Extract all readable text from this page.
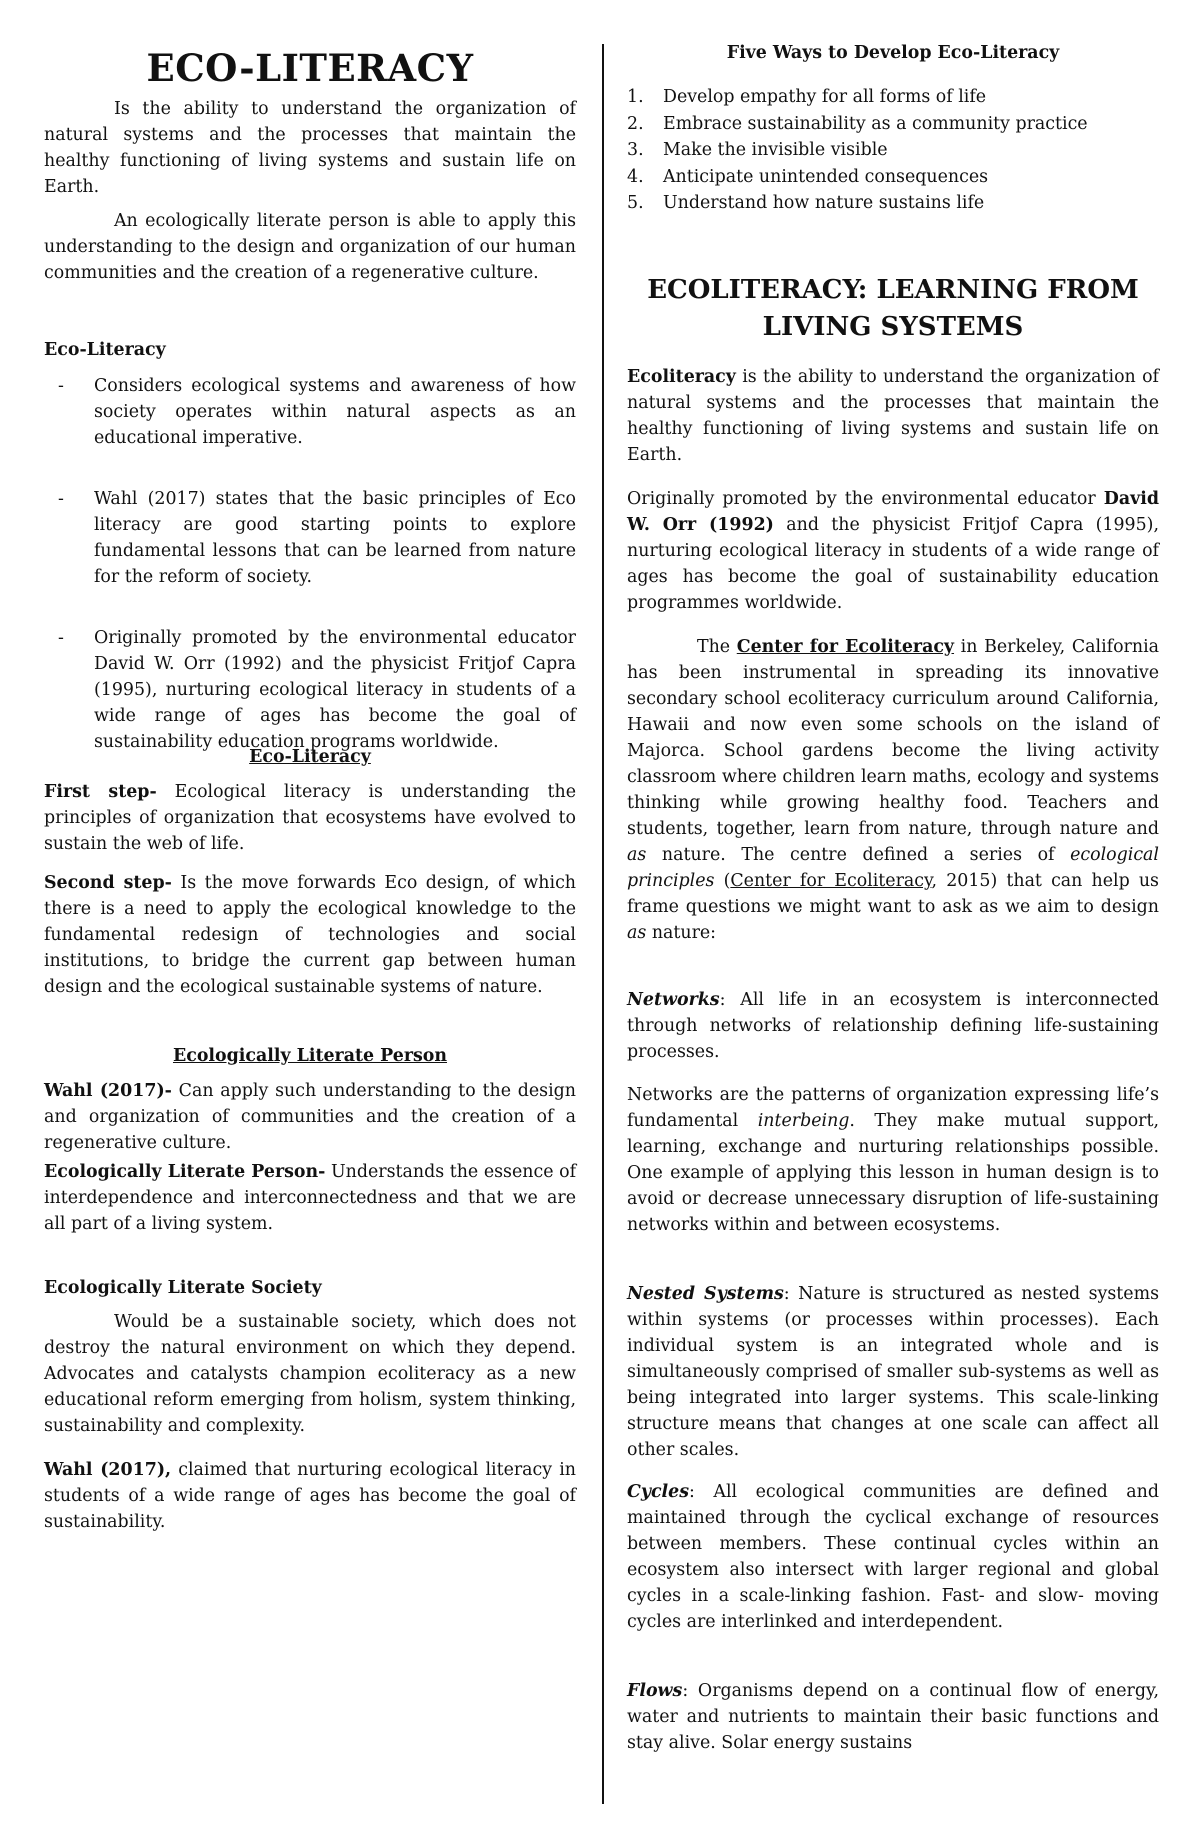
ECO-LITERACY

Is the ability to understand the organization of natural systems and the processes that maintain the healthy functioning of living systems and sustain life on Earth.

An ecologically literate person is able to apply this understanding to the design and organization of our human communities and the creation of a regenerative culture.

Eco-Literacy
- Considers ecological systems and awareness of how society operates within natural aspects as an educational imperative.

- Wahl (2017) states that the basic principles of Eco literacy are good starting points to explore fundamental lessons that can be learned from nature for the reform of society.

- Originally promoted by the environmental educator David W. Orr (1992) and the physicist Fritjof Capra (1995), nurturing ecological literacy in students of a wide range of ages has become the goal of sustainability education programs worldwide.

Eco-Literacy

First step- Ecological literacy is understanding the principles of organization that ecosystems have evolved to sustain the web of life.

Second step- Is the move forwards Eco design, of which there is a need to apply the ecological knowledge to the fundamental redesign of technologies and social institutions, to bridge the current gap between human design and the ecological sustainable systems of nature.

Ecologically Literate Person

Wahl (2017)- Can apply such understanding to the design and organization of communities and the creation of a regenerative culture.

Ecologically Literate Person- Understands the essence of interdependence and interconnectedness and that we are all part of a living system.

Ecologically Literate Society

Would be a sustainable society, which does not destroy the natural environment on which they depend. Advocates and catalysts champion ecoliteracy as a new educational reform emerging from holism, system thinking, sustainability and complexity.

Wahl (2017), claimed that nurturing ecological literacy in students of a wide range of ages has become the goal of sustainability.

Five Ways to Develop Eco-Literacy
1. Develop empathy for all forms of life
2. Embrace sustainability as a community practice
3. Make the invisible visible
4. Anticipate unintended consequences
5. Understand how nature sustains life
ECOLITERACY: LEARNING FROM
LIVING SYSTEMS

Ecoliteracy is the ability to understand the organization of natural systems and the processes that maintain the healthy functioning of living systems and sustain life on Earth.

Originally promoted by the environmental educator David W. Orr (1992) and the physicist Fritjof Capra (1995), nurturing ecological literacy in students of a wide range of ages has become the goal of sustainability education programmes worldwide.

The Center for Ecoliteracy in Berkeley, California has been instrumental in spreading its innovative secondary school ecoliteracy curriculum around California, Hawaii and now even some schools on the island of Majorca. School gardens become the living activity classroom where children learn maths, ecology and systems thinking while growing healthy food. Teachers and students, together, learn from nature, through nature and as nature. The centre defined a series of ecological principles (Center for Ecoliteracy, 2015) that can help us frame questions we might want to ask as we aim to design as nature:

Networks: All life in an ecosystem is interconnected through networks of relationship defining life-sustaining processes.

Networks are the patterns of organization expressing life’s fundamental interbeing. They make mutual support, learning, exchange and nurturing relationships possible. One example of applying this lesson in human design is to avoid or decrease unnecessary disruption of life-sustaining networks within and between ecosystems.

Nested Systems: Nature is structured as nested systems within systems (or processes within processes). Each individual system is an integrated whole and is simultaneously comprised of smaller sub-systems as well as being integrated into larger systems. This scale-linking structure means that changes at one scale can affect all other scales.

Cycles: All ecological communities are defined and maintained through the cyclical exchange of resources between members. These continual cycles within an ecosystem also intersect with larger regional and global cycles in a scale-linking fashion. Fast- and slow- moving cycles are interlinked and interdependent.

Flows: Organisms depend on a continual flow of energy, water and nutrients to maintain their basic functions and stay alive. Solar energy sustains
